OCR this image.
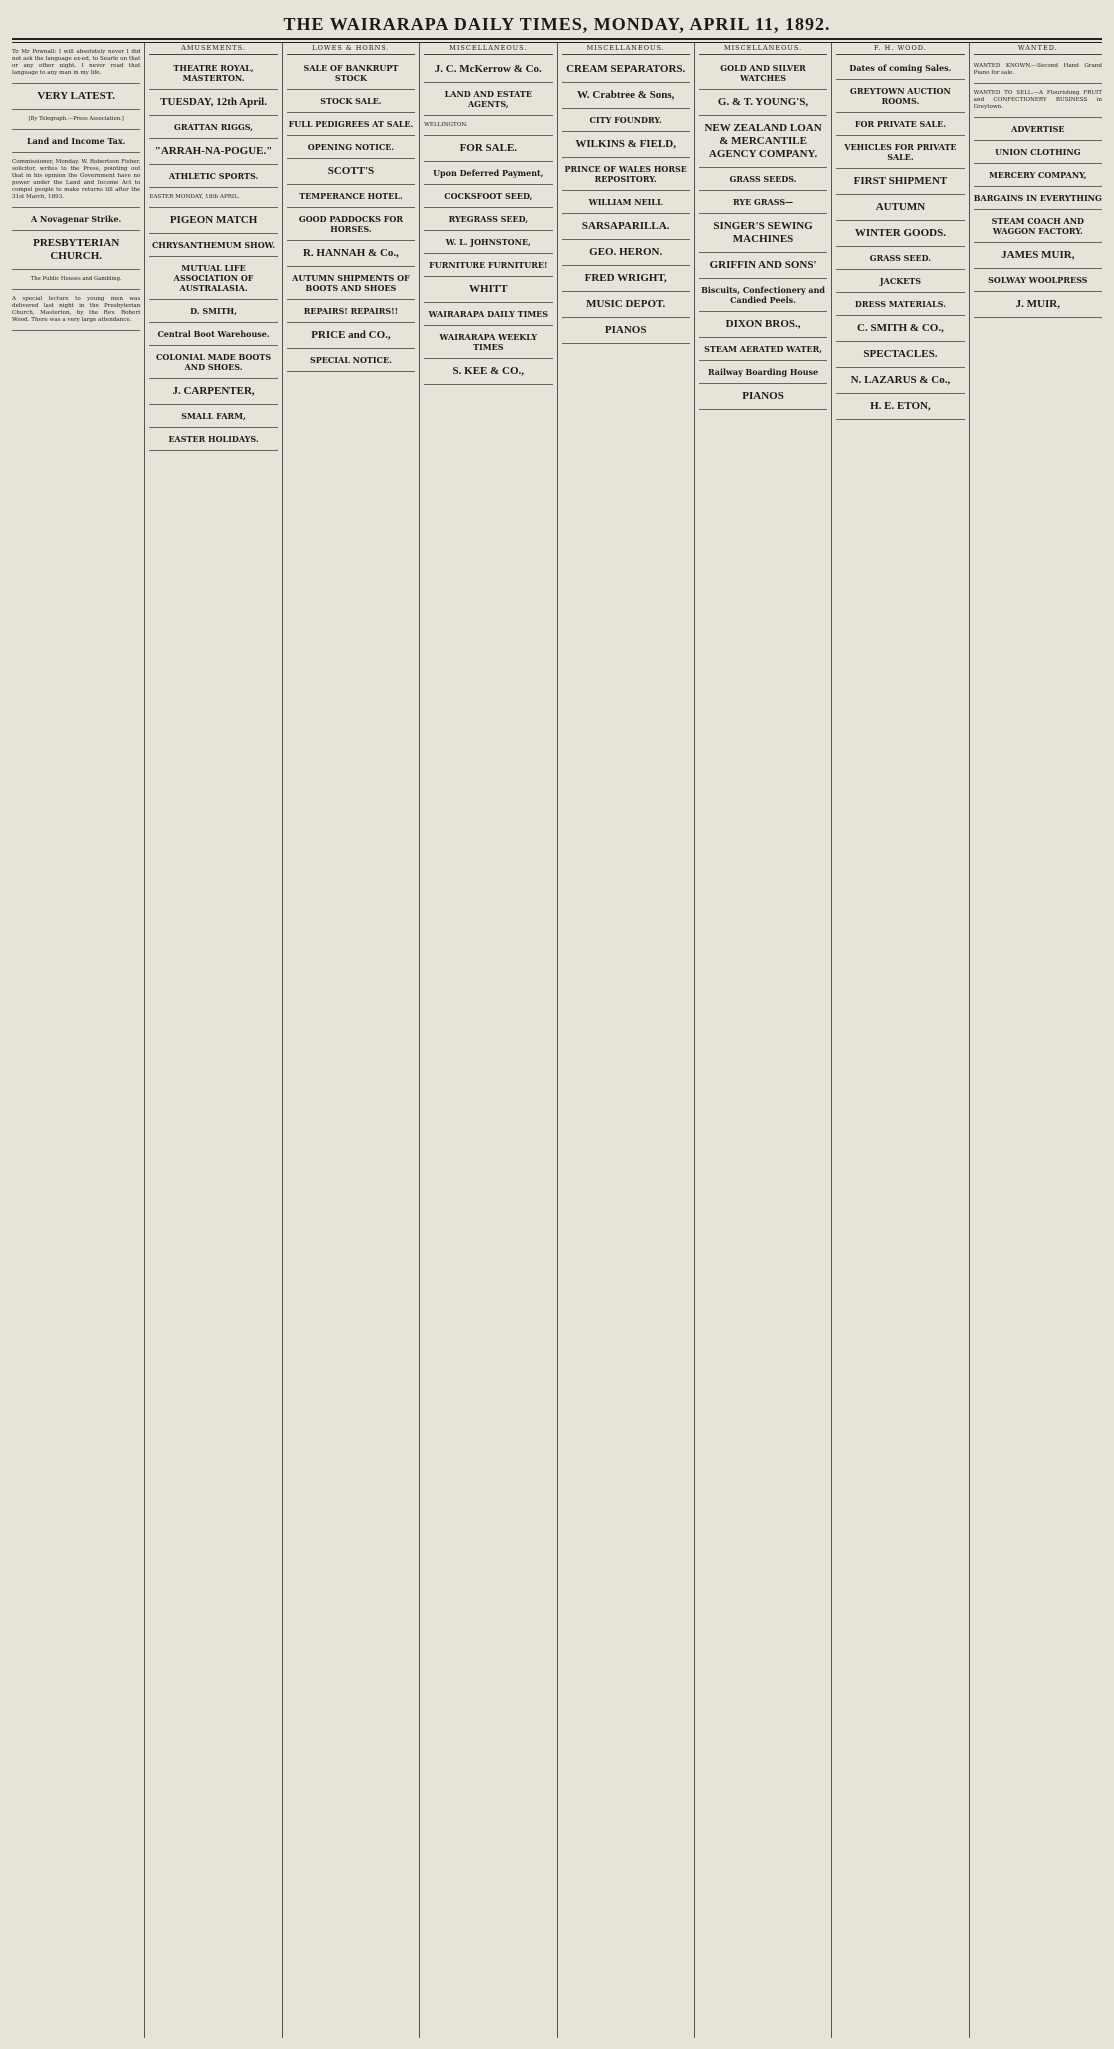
THE WAIRARAPA DAILY TIMES, MONDAY, APRIL 11, 1892.
To Mr Pownall: I will absolutely never I did not ask the language ex-ed, to Searle on that or any other night. I never read that language to any man in my life.
VERY LATEST.
[By Telegraph.—Press Association.]
Land and Income Tax.
Commissioner, Monday. W. Robertson Fisher, solicitor, writes to the Press, pointing out that in his opinion the Government have no power under the Land and Income Act to compel people to make returns till after the 31st March, 1893.
A Novagenar Strike.
PRESBYTERIAN CHURCH.
The Public Houses and Gambling.
A special lecture to young men was delivered last night in the Presbyterian Church, Masterton, by the Rev. Robert Wood. There was a very large attendance.
AMUSEMENTS.
THEATRE ROYAL, MASTERTON.
TUESDAY, 12th April.
GRATTAN RIGGS,
"ARRAH-NA-POGUE."
ATHLETIC SPORTS.
EASTER MONDAY, 18th APRIL.
PIGEON MATCH
CHRYSANTHEMUM SHOW.
MUTUAL LIFE ASSOCIATION OF AUSTRALASIA.
D. SMITH,
Central Boot Warehouse.
COLONIAL MADE BOOTS AND SHOES.
J. CARPENTER,
SMALL FARM,
EASTER HOLIDAYS.
LOWES & HORNS.
SALE OF BANKRUPT STOCK
STOCK SALE.
FULL PEDIGREES AT SALE.
OPENING NOTICE.
SCOTT'S
TEMPERANCE HOTEL.
GOOD PADDOCKS FOR HORSES.
R. HANNAH & Co.,
AUTUMN SHIPMENTS OF BOOTS AND SHOES
REPAIRS! REPAIRS!!
PRICE and CO.,
SPECIAL NOTICE.
MISCELLANEOUS.
J. C. McKerrow & Co.
LAND AND ESTATE AGENTS,
WELLINGTON.
FOR SALE.
Upon Deferred Payment,
COCKSFOOT SEED,
RYEGRASS SEED,
W. L. JOHNSTONE,
FURNITURE FURNITURE!
WHITT
WAIRARAPA DAILY TIMES
WAIRARAPA WEEKLY TIMES
S. KEE & CO.,
MISCELLANEOUS.
CREAM SEPARATORS.
W. Crabtree & Sons,
CITY FOUNDRY.
WILKINS & FIELD,
PRINCE OF WALES HORSE REPOSITORY.
WILLIAM NEILL
SARSAPARILLA.
GEO. HERON.
FRED WRIGHT,
MUSIC DEPOT.
PIANOS
MISCELLANEOUS.
GOLD AND SILVER WATCHES
G. & T. YOUNG'S,
NEW ZEALAND LOAN & MERCANTILE AGENCY COMPANY.
GRASS SEEDS.
RYE GRASS—
SINGER'S SEWING MACHINES
GRIFFIN AND SONS'
Biscuits, Confectionery and Candied Peels.
DIXON BROS.,
STEAM AERATED WATER,
Railway Boarding House
PIANOS
F. H. WOOD.
Dates of coming Sales.
GREYTOWN AUCTION ROOMS.
FOR PRIVATE SALE.
VEHICLES FOR PRIVATE SALE.
FIRST SHIPMENT
AUTUMN
WINTER GOODS.
GRASS SEED.
JACKETS
DRESS MATERIALS.
C. SMITH & CO.,
SPECTACLES.
N. LAZARUS & Co.,
H. E. ETON,
WANTED.
WANTED KNOWN.—Second Hand Grand Piano for sale.
WANTED TO SELL.—A Flourishing FRUIT and CONFECTIONERY BUSINESS in Greytown.
ADVERTISE
UNION CLOTHING
MERCERY COMPANY,
BARGAINS IN EVERYTHING
STEAM COACH AND WAGGON FACTORY.
JAMES MUIR,
SOLWAY WOOLPRESS
J. MUIR,
